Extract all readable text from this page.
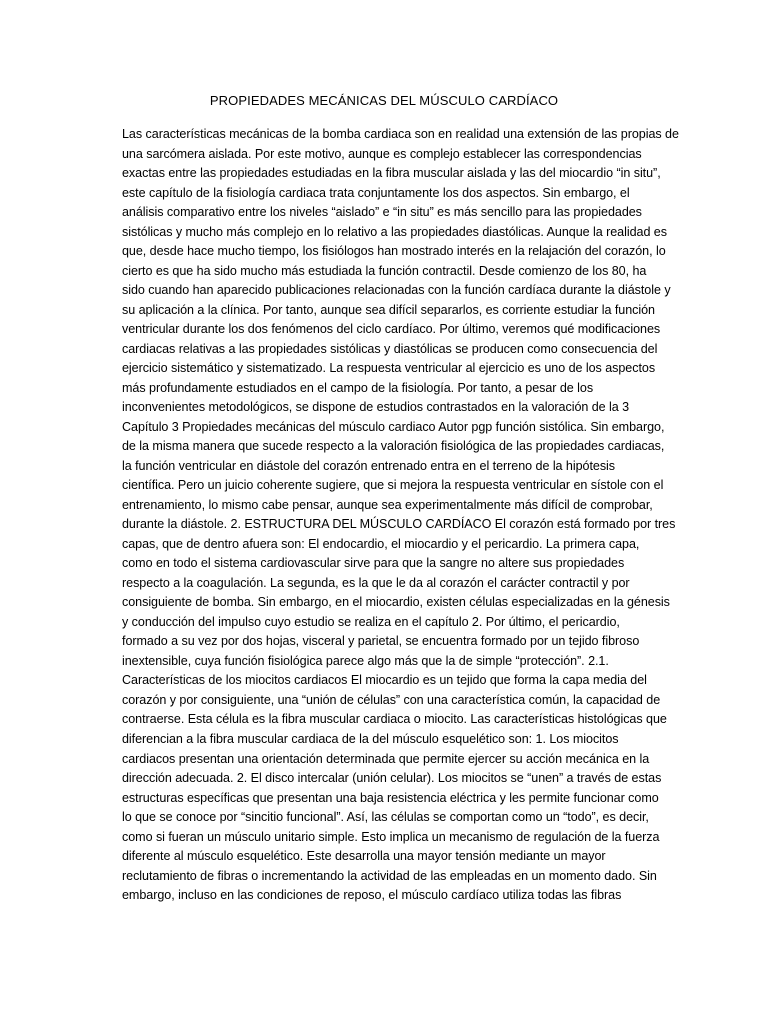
PROPIEDADES MECÁNICAS DEL MÚSCULO CARDÍACO
Las características mecánicas de la bomba cardiaca son en realidad una extensión de las propias de
una sarcómera aislada. Por este motivo, aunque es complejo establecer las correspondencias
exactas entre las propiedades estudiadas en la fibra muscular aislada y las del miocardio “in situ”,
este capítulo de la fisiología cardiaca trata conjuntamente los dos aspectos. Sin embargo, el
análisis comparativo entre los niveles “aislado” e “in situ” es más sencillo para las propiedades
sistólicas y mucho más complejo en lo relativo a las propiedades diastólicas. Aunque la realidad es
que, desde hace mucho tiempo, los fisiólogos han mostrado interés en la relajación del corazón, lo
cierto es que ha sido mucho más estudiada la función contractil. Desde comienzo de los 80, ha
sido cuando han aparecido publicaciones relacionadas con la función cardíaca durante la diástole y
su aplicación a la clínica. Por tanto, aunque sea difícil separarlos, es corriente estudiar la función
ventricular durante los dos fenómenos del ciclo cardíaco. Por último, veremos qué modificaciones
cardiacas relativas a las propiedades sistólicas y diastólicas se producen como consecuencia del
ejercicio sistemático y sistematizado. La respuesta ventricular al ejercicio es uno de los aspectos
más profundamente estudiados en el campo de la fisiología. Por tanto, a pesar de los
inconvenientes metodológicos, se dispone de estudios contrastados en la valoración de la 3
Capítulo 3 Propiedades mecánicas del músculo cardiaco Autor pgp función sistólica. Sin embargo,
de la misma manera que sucede respecto a la valoración fisiológica de las propiedades cardiacas,
la función ventricular en diástole del corazón entrenado entra en el terreno de la hipótesis
científica. Pero un juicio coherente sugiere, que si mejora la respuesta ventricular en sístole con el
entrenamiento, lo mismo cabe pensar, aunque sea experimentalmente más difícil de comprobar,
durante la diástole. 2. ESTRUCTURA DEL MÚSCULO CARDÍACO El corazón está formado por tres
capas, que de dentro afuera son: El endocardio, el miocardio y el pericardio. La primera capa,
como en todo el sistema cardiovascular sirve para que la sangre no altere sus propiedades
respecto a la coagulación. La segunda, es la que le da al corazón el carácter contractil y por
consiguiente de bomba. Sin embargo, en el miocardio, existen células especializadas en la génesis
y conducción del impulso cuyo estudio se realiza en el capítulo 2. Por último, el pericardio,
formado a su vez por dos hojas, visceral y parietal, se encuentra formado por un tejido fibroso
inextensible, cuya función fisiológica parece algo más que la de simple “protección”. 2.1.
Características de los miocitos cardiacos El miocardio es un tejido que forma la capa media del
corazón y por consiguiente, una “unión de células” con una característica común, la capacidad de
contraerse. Esta célula es la fibra muscular cardiaca o miocito. Las características histológicas que
diferencian a la fibra muscular cardiaca de la del músculo esquelético son: 1. Los miocitos
cardiacos presentan una orientación determinada que permite ejercer su acción mecánica en la
dirección adecuada. 2. El disco intercalar (unión celular). Los miocitos se “unen” a través de estas
estructuras específicas que presentan una baja resistencia eléctrica y les permite funcionar como
lo que se conoce por “sincitio funcional”. Así, las células se comportan como un “todo”, es decir,
como si fueran un músculo unitario simple. Esto implica un mecanismo de regulación de la fuerza
diferente al músculo esquelético. Este desarrolla una mayor tensión mediante un mayor
reclutamiento de fibras o incrementando la actividad de las empleadas en un momento dado. Sin
embargo, incluso en las condiciones de reposo, el músculo cardíaco utiliza todas las fibras
